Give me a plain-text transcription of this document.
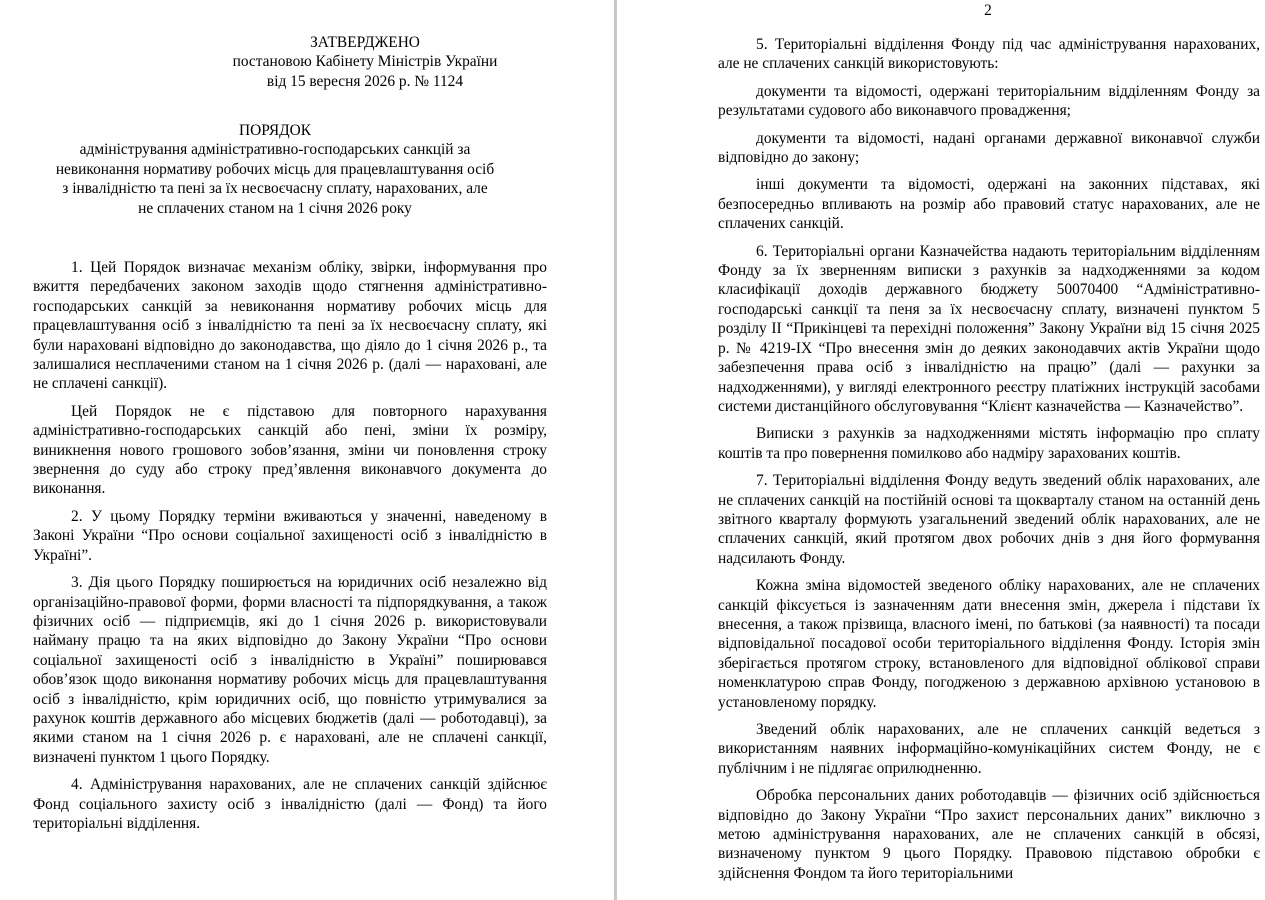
ЗАТВЕРДЖЕНО
постановою Кабінету Міністрів України
від 15 вересня 2026 р. № 1124
ПОРЯДОК
адміністрування адміністративно-господарських санкцій за невиконання нормативу робочих місць для працевлаштування осіб з інвалідністю та пені за їх несвоєчасну сплату, нарахованих, але не сплачених станом на 1 січня 2026 року

1. Цей Порядок визначає механізм обліку, звірки, інформування про вжиття передбачених законом заходів щодо стягнення адміністративно-господарських санкцій за невиконання нормативу робочих місць для працевлаштування осіб з інвалідністю та пені за їх несвоєчасну сплату, які були нараховані відповідно до законодавства, що діяло до 1 січня 2026 р., та залишалися несплаченими станом на 1 січня 2026 р. (далі — нараховані, але не сплачені санкції).

Цей Порядок не є підставою для повторного нарахування адміністративно-господарських санкцій або пені, зміни їх розміру, виникнення нового грошового зобов’язання, зміни чи поновлення строку звернення до суду або строку пред’явлення виконавчого документа до виконання.

2. У цьому Порядку терміни вживаються у значенні, наведеному в Законі України “Про основи соціальної захищеності осіб з інвалідністю в Україні”.

3. Дія цього Порядку поширюється на юридичних осіб незалежно від організаційно-правової форми, форми власності та підпорядкування, а також фізичних осіб — підприємців, які до 1 січня 2026 р. використовували найману працю та на яких відповідно до Закону України “Про основи соціальної захищеності осіб з інвалідністю в Україні” поширювався обов’язок щодо виконання нормативу робочих місць для працевлаштування осіб з інвалідністю, крім юридичних осіб, що повністю утримувалися за рахунок коштів державного або місцевих бюджетів (далі — роботодавці), за якими станом на 1 січня 2026 р. є нараховані, але не сплачені санкції, визначені пунктом 1 цього Порядку.

4. Адміністрування нарахованих, але не сплачених санкцій здійснює Фонд соціального захисту осіб з інвалідністю (далі — Фонд) та його територіальні відділення.

2

5. Територіальні відділення Фонду під час адміністрування нарахованих, але не сплачених санкцій використовують:

документи та відомості, одержані територіальним відділенням Фонду за результатами судового або виконавчого провадження;

документи та відомості, надані органами державної виконавчої служби відповідно до закону;

інші документи та відомості, одержані на законних підставах, які безпосередньо впливають на розмір або правовий статус нарахованих, але не сплачених санкцій.

6. Територіальні органи Казначейства надають територіальним відділенням Фонду за їх зверненням виписки з рахунків за надходженнями за кодом класифікації доходів державного бюджету 50070400 “Адміністративно-господарські санкції та пеня за їх несвоєчасну сплату, визначені пунктом 5 розділу II “Прикінцеві та перехідні положення” Закону України від 15 січня 2025 р. № 4219-IX “Про внесення змін до деяких законодавчих актів України щодо забезпечення права осіб з інвалідністю на працю” (далі — рахунки за надходженнями), у вигляді електронного реєстру платіжних інструкцій засобами системи дистанційного обслуговування “Клієнт казначейства — Казначейство”.

Виписки з рахунків за надходженнями містять інформацію про сплату коштів та про повернення помилково або надміру зарахованих коштів.

7. Територіальні відділення Фонду ведуть зведений облік нарахованих, але не сплачених санкцій на постійній основі та щокварталу станом на останній день звітного кварталу формують узагальнений зведений облік нарахованих, але не сплачених санкцій, який протягом двох робочих днів з дня його формування надсилають Фонду.

Кожна зміна відомостей зведеного обліку нарахованих, але не сплачених санкцій фіксується із зазначенням дати внесення змін, джерела і підстави їх внесення, а також прізвища, власного імені, по батькові (за наявності) та посади відповідальної посадової особи територіального відділення Фонду. Історія змін зберігається протягом строку, встановленого для відповідної облікової справи номенклатурою справ Фонду, погодженою з державною архівною установою в установленому порядку.

Зведений облік нарахованих, але не сплачених санкцій ведеться з використанням наявних інформаційно-комунікаційних систем Фонду, не є публічним і не підлягає оприлюдненню.

Обробка персональних даних роботодавців — фізичних осіб здійснюється відповідно до Закону України “Про захист персональних даних” виключно з метою адміністрування нарахованих, але не сплачених санкцій в обсязі, визначеному пунктом 9 цього Порядку. Правовою підставою обробки є здійснення Фондом та його територіальними
